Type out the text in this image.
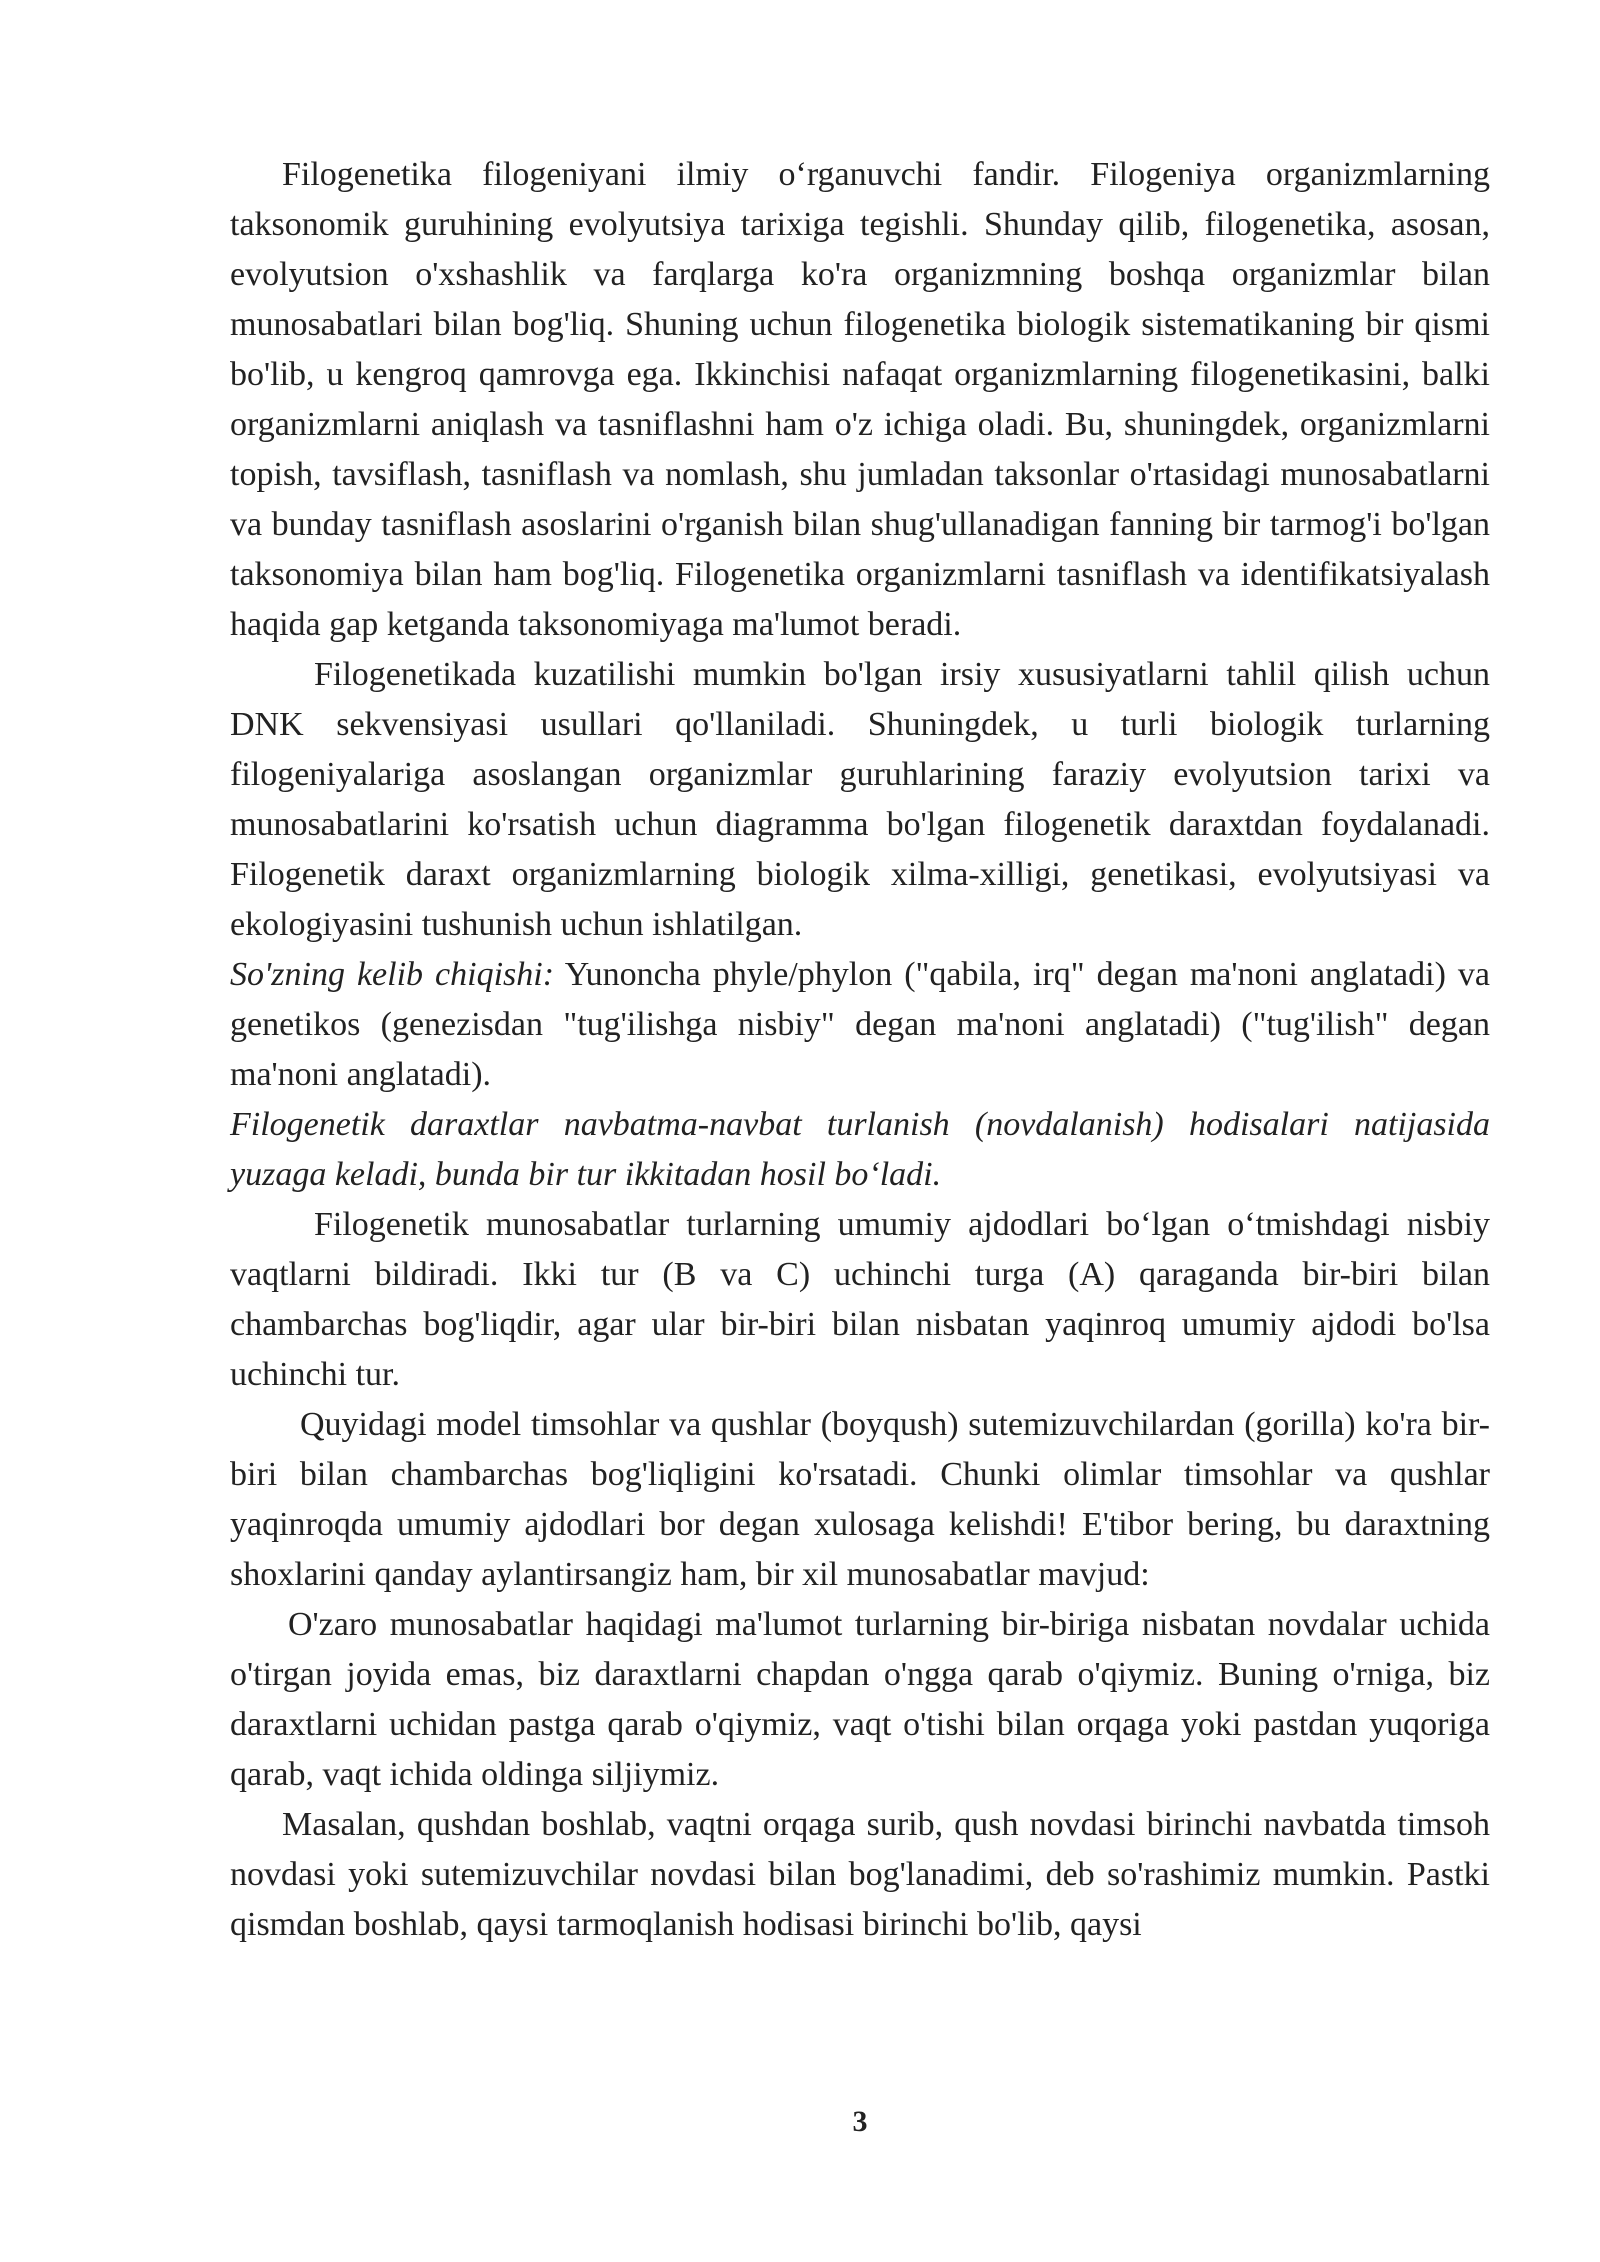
Filogenetika filogeniyani ilmiy o‘rganuvchi fandir. Filogeniya organizmlarning taksonomik guruhining evolyutsiya tarixiga tegishli. Shunday qilib, filogenetika, asosan, evolyutsion o'xshashlik va farqlarga ko'ra organizmning boshqa organizmlar bilan munosabatlari bilan bog'liq. Shuning uchun filogenetika biologik sistematikaning bir qismi bo'lib, u kengroq qamrovga ega. Ikkinchisi nafaqat organizmlarning filogenetikasini, balki organizmlarni aniqlash va tasniflashni ham o'z ichiga oladi. Bu, shuningdek, organizmlarni topish, tavsiflash, tasniflash va nomlash, shu jumladan taksonlar o'rtasidagi munosabatlarni va bunday tasniflash asoslarini o'rganish bilan shug'ullanadigan fanning bir tarmog'i bo'lgan taksonomiya bilan ham bog'liq. Filogenetika organizmlarni tasniflash va identifikatsiyalash haqida gap ketganda taksonomiyaga ma'lumot beradi.

Filogenetikada kuzatilishi mumkin bo'lgan irsiy xususiyatlarni tahlil qilish uchun DNK sekvensiyasi usullari qo'llaniladi. Shuningdek, u turli biologik turlarning filogeniyalariga asoslangan organizmlar guruhlarining faraziy evolyutsion tarixi va munosabatlarini ko'rsatish uchun diagramma bo'lgan filogenetik daraxtdan foydalanadi. Filogenetik daraxt organizmlarning biologik xilma-xilligi, genetikasi, evolyutsiyasi va ekologiyasini tushunish uchun ishlatilgan.

So'zning kelib chiqishi: Yunoncha phyle/phylon ("qabila, irq" degan ma'noni anglatadi) va genetikos (genezisdan "tug'ilishga nisbiy" degan ma'noni anglatadi) ("tug'ilish" degan ma'noni anglatadi).

Filogenetik daraxtlar navbatma-navbat turlanish (novdalanish) hodisalari natijasida yuzaga keladi, bunda bir tur ikkitadan hosil bo‘ladi.

Filogenetik munosabatlar turlarning umumiy ajdodlari bo‘lgan o‘tmishdagi nisbiy vaqtlarni bildiradi. Ikki tur (B va C) uchinchi turga (A) qaraganda bir-biri bilan chambarchas bog'liqdir, agar ular bir-biri bilan nisbatan yaqinroq umumiy ajdodi bo'lsa uchinchi tur.

Quyidagi model timsohlar va qushlar (boyqush) sutemizuvchilardan (gorilla) ko'ra bir-biri bilan chambarchas bog'liqligini ko'rsatadi. Chunki olimlar timsohlar va qushlar yaqinroqda umumiy ajdodlari bor degan xulosaga kelishdi! E'tibor bering, bu daraxtning shoxlarini qanday aylantirsangiz ham, bir xil munosabatlar mavjud:

O'zaro munosabatlar haqidagi ma'lumot turlarning bir-biriga nisbatan novdalar uchida o'tirgan joyida emas, biz daraxtlarni chapdan o'ngga qarab o'qiymiz. Buning o'rniga, biz daraxtlarni uchidan pastga qarab o'qiymiz, vaqt o'tishi bilan orqaga yoki pastdan yuqoriga qarab, vaqt ichida oldinga siljiymiz.

Masalan, qushdan boshlab, vaqtni orqaga surib, qush novdasi birinchi navbatda timsoh novdasi yoki sutemizuvchilar novdasi bilan bog'lanadimi, deb so'rashimiz mumkin. Pastki qismdan boshlab, qaysi tarmoqlanish hodisasi birinchi bo'lib, qaysi

3
